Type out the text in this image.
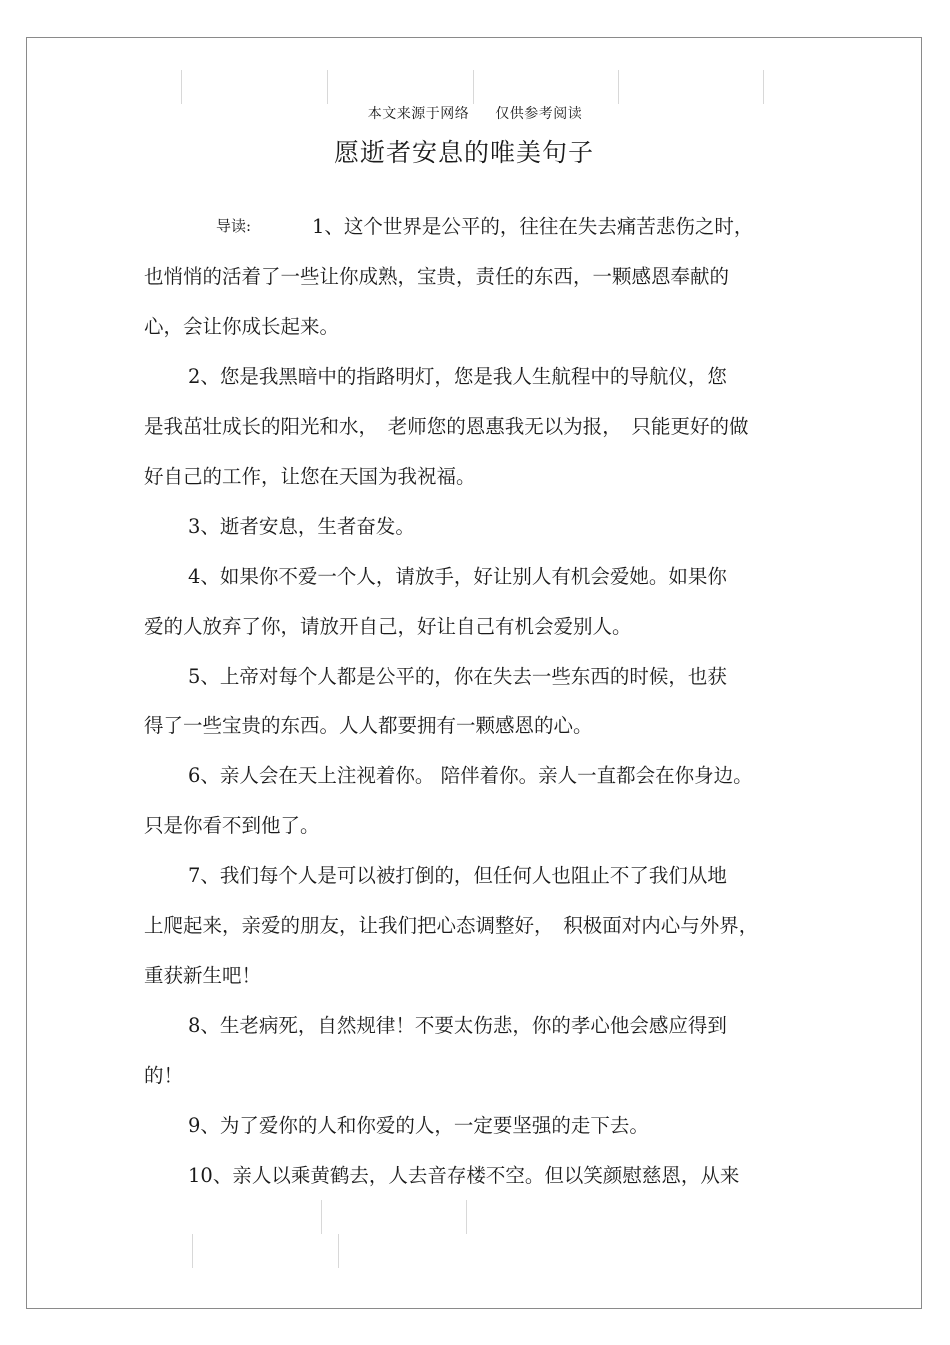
本文来源于网络 仅供参考阅读
愿逝者安息的唯美句子
导读:	1、这个世界是公平的，往往在失去痛苦悲伤之时，
也悄悄的活着了一些让你成熟，宝贵，责任的东西，一颗感恩奉献的
心，会让你成长起来。
2、您是我黑暗中的指路明灯，您是我人生航程中的导航仪，您
是我茁壮成长的阳光和水，　老师您的恩惠我无以为报，　只能更好的做
好自己的工作，让您在天国为我祝福。
3、逝者安息，生者奋发。
4、如果你不爱一个人，请放手，好让别人有机会爱她。如果你
爱的人放弃了你，请放开自己，好让自己有机会爱别人。
5、上帝对每个人都是公平的，你在失去一些东西的时候，也获
得了一些宝贵的东西。人人都要拥有一颗感恩的心。
6、亲人会在天上注视着你。 陪伴着你。亲人一直都会在你身边。
只是你看不到他了。
7、我们每个人是可以被打倒的，但任何人也阻止不了我们从地
上爬起来，亲爱的朋友，让我们把心态调整好，　积极面对内心与外界，
重获新生吧！
8、生老病死，自然规律！不要太伤悲，你的孝心他会感应得到
的！
9、为了爱你的人和你爱的人，一定要坚强的走下去。
10、亲人以乘黄鹤去，人去音存楼不空。但以笑颜慰慈恩，从来
